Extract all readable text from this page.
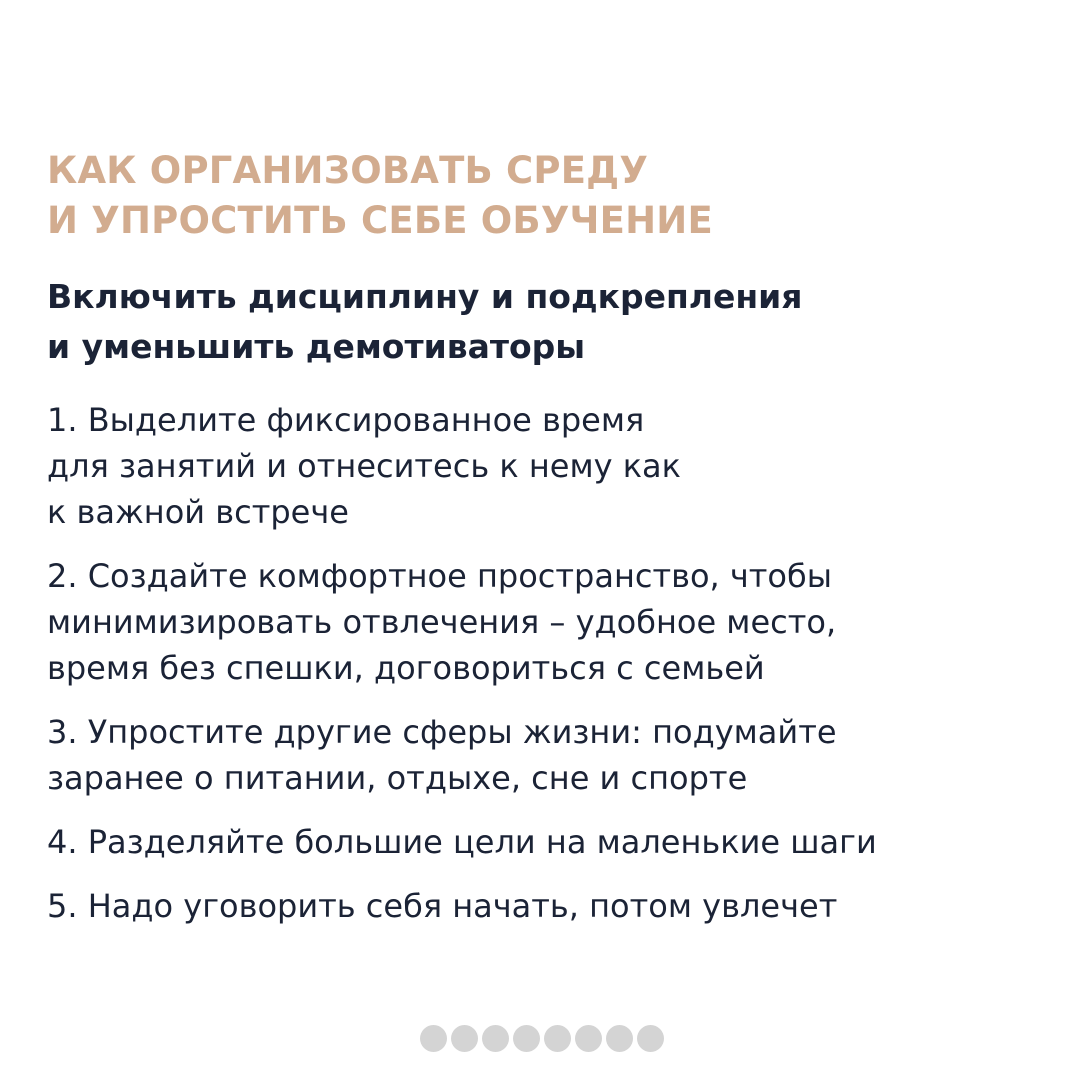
КАК ОРГАНИЗОВАТЬ СРЕДУ
И УПРОСТИТЬ СЕБЕ ОБУЧЕНИЕ
Включить дисциплину и подкрепления
и уменьшить демотиваторы
1. Выделите фиксированное время
для занятий и отнеситесь к нему как
к важной встрече
2. Создайте комфортное пространство, чтобы
минимизировать отвлечения – удобное место,
время без спешки, договориться с семьей
3. Упростите другие сферы жизни: подумайте
заранее о питании, отдыхе, сне и спорте
4. Разделяйте большие цели на маленькие шаги
5. Надо уговорить себя начать, потом увлечет
